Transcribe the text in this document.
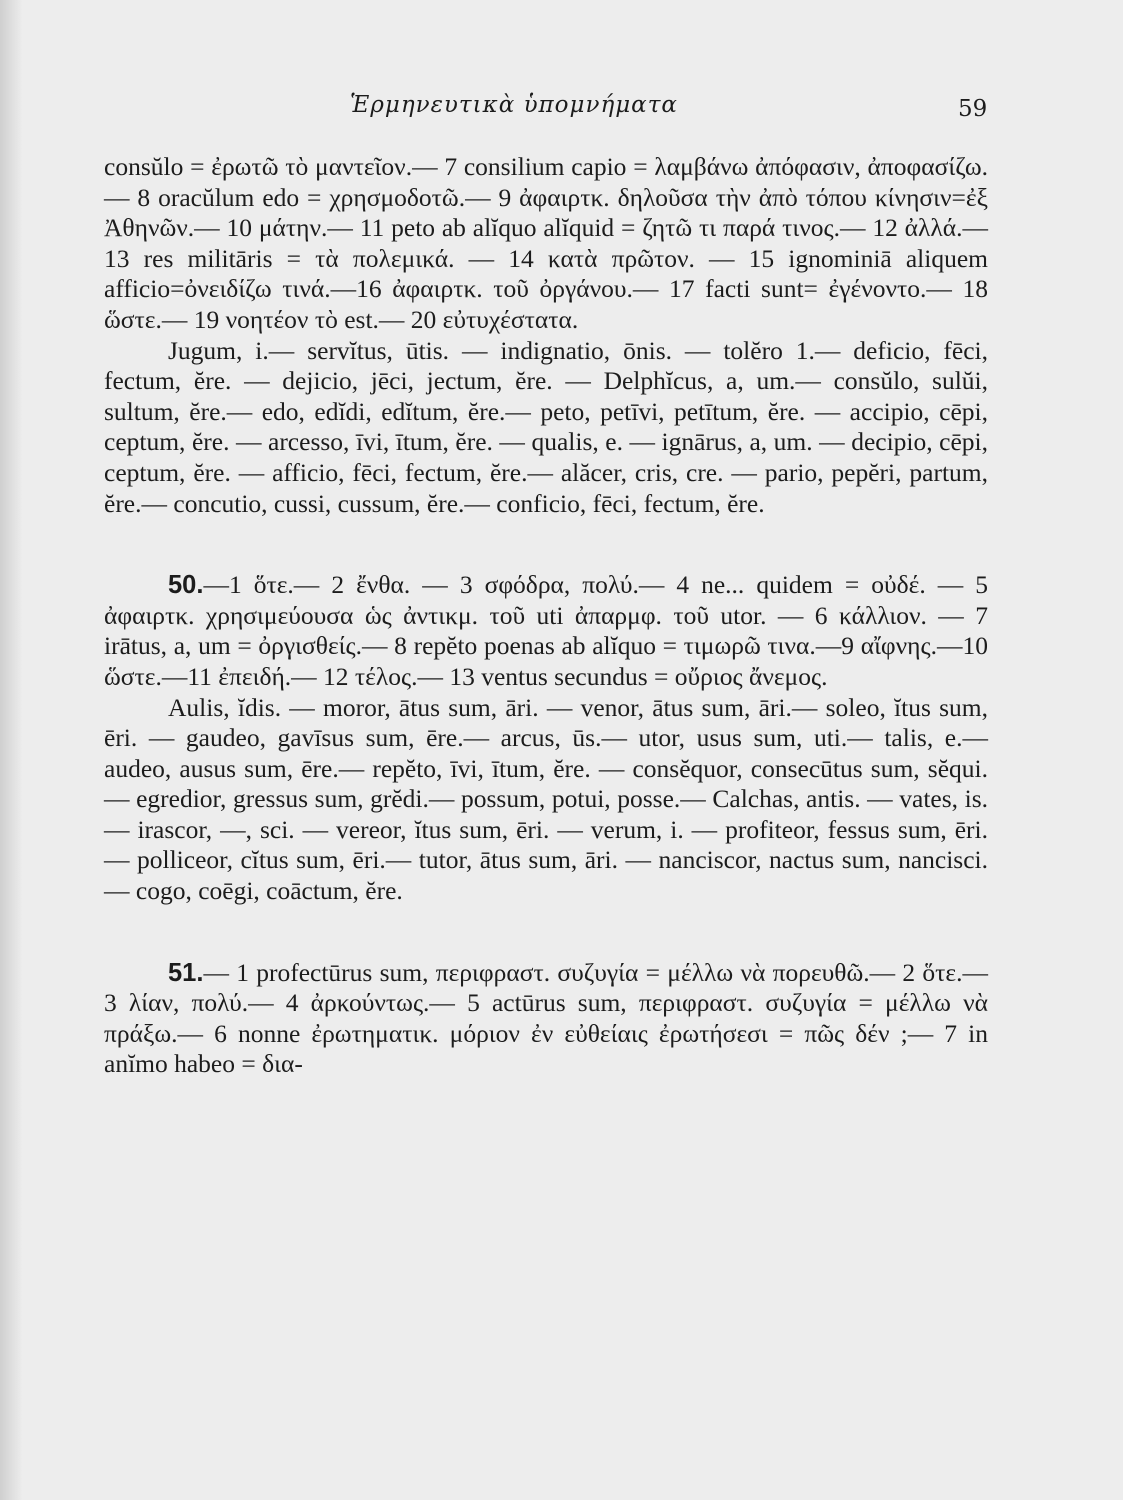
Ἑρμηνευτικὰ ὑπομνήματα	59

consŭlo = ἐρωτῶ τὸ μαντεῖον.— 7 consilium capio = λαμβάνω ἀπόφασιν, ἀποφασίζω.— 8 oracŭlum edo = χρησμοδοτῶ.— 9 ἀφαιρτκ. δηλοῦσα τὴν ἀπὸ τόπου κίνησιν=ἐξ Ἀθηνῶν.— 10 μάτην.— 11 peto ab alĭquo alĭquid = ζητῶ τι παρά τινος.— 12 ἀλλά.— 13 res militāris = τὰ πολεμικά. — 14 κατὰ πρῶτον. — 15 ignominiā aliquem afficio=ὀνειδίζω τινά.—16 ἀφαιρτκ. τοῦ ὀργάνου.— 17 facti sunt= ἐγένοντο.— 18 ὥστε.— 19 νοητέον τὸ est.— 20 εὐτυχέστατα.

Jugum, i.— servĭtus, ūtis. — indignatio, ōnis. — tolĕro 1.— deficio, fēci, fectum, ĕre. — dejicio, jēci, jectum, ĕre. — Delphĭcus, a, um.— consŭlo, sulŭi, sultum, ĕre.— edo, edĭdi, edĭtum, ĕre.— peto, petīvi, petītum, ĕre. — accipio, cēpi, ceptum, ĕre. — arcesso, īvi, ītum, ĕre. — qualis, e. — ignārus, a, um. — decipio, cēpi, ceptum, ĕre. — afficio, fēci, fectum, ĕre.— alăcer, cris, cre. — pario, pepĕri, partum, ĕre.— concutio, cussi, cussum, ĕre.— conficio, fēci, fectum, ĕre.

50.—1 ὅτε.— 2 ἔνθα. — 3 σφόδρα, πολύ.— 4 ne... quidem = οὐδέ. — 5 ἀφαιρτκ. χρησιμεύουσα ὡς ἀντικμ. τοῦ uti ἀπαρμφ. τοῦ utor. — 6 κάλλιον. — 7 irātus, a, um = ὀργισθείς.— 8 repĕto poenas ab alĭquo = τιμωρῶ τινα.—9 αἴφνης.—10 ὥστε.—11 ἐπειδή.— 12 τέλος.— 13 ventus secundus = οὔριος ἄνεμος.

Aulis, ĭdis. — moror, ātus sum, āri. — venor, ātus sum, āri.— soleo, ĭtus sum, ēri. — gaudeo, gavīsus sum, ēre.— arcus, ūs.— utor, usus sum, uti.— talis, e.— audeo, ausus sum, ēre.— repĕto, īvi, ītum, ĕre. — consĕquor, consecūtus sum, sĕqui. — egredior, gressus sum, grĕdi.— possum, potui, posse.— Calchas, antis. — vates, is. — irascor, —, sci. — vereor, ĭtus sum, ēri. — verum, i. — profiteor, fessus sum, ēri. — polliceor, cĭtus sum, ēri.— tutor, ātus sum, āri. — nanciscor, nactus sum, nancisci. — cogo, coēgi, coāctum, ĕre.

51.— 1 profectūrus sum, περιφραστ. συζυγία = μέλλω νὰ πορευθῶ.— 2 ὅτε.— 3 λίαν, πολύ.— 4 ἀρκούντως.— 5 actūrus sum, περιφραστ. συζυγία = μέλλω νὰ πράξω.— 6 nonne ἐρωτηματικ. μόριον ἐν εὐθείαις ἐρωτήσεσι = πῶς δέν ;— 7 in anĭmo habeo = δια-
